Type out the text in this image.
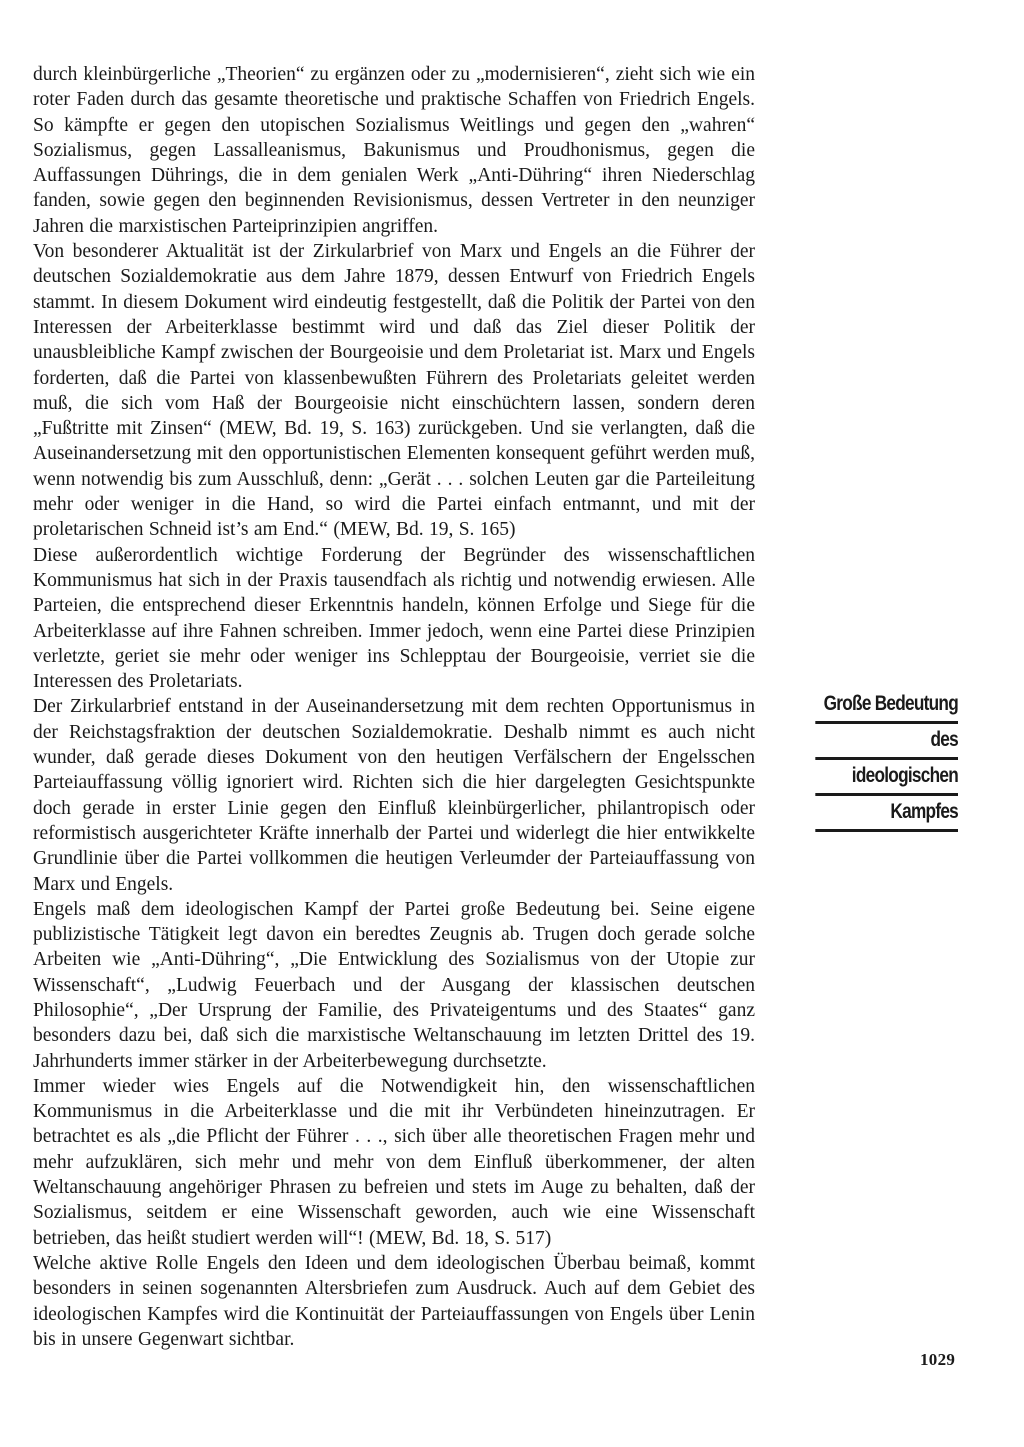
durch kleinbürgerliche „Theorien“ zu ergänzen oder zu „modernisieren“, zieht sich wie ein roter Faden durch das gesamte theoretische und praktische Schaffen von Friedrich Engels. So kämpfte er gegen den utopischen Sozialismus Weitlings und gegen den „wahren“ Sozialismus, gegen Lassalleanismus, Bakunismus und Proudhonismus, gegen die Auffassungen Dührings, die in dem genialen Werk „Anti-Dühring“ ihren Niederschlag fanden, sowie gegen den beginnenden Revisionismus, dessen Vertreter in den neunziger Jahren die marxistischen Parteiprinzipien angriffen.

Von besonderer Aktualität ist der Zirkularbrief von Marx und Engels an die Führer der deutschen Sozialdemokratie aus dem Jahre 1879, dessen Entwurf von Friedrich Engels stammt. In diesem Dokument wird eindeutig festgestellt, daß die Politik der Partei von den Interessen der Arbeiterklasse bestimmt wird und daß das Ziel dieser Politik der unausbleibliche Kampf zwischen der Bourgeoisie und dem Proletariat ist. Marx und Engels forderten, daß die Partei von klassenbewußten Führern des Proletariats geleitet werden muß, die sich vom Haß der Bourgeoisie nicht einschüchtern lassen, sondern deren „Fußtritte mit Zinsen“ (MEW, Bd. 19, S. 163) zurückgeben. Und sie verlangten, daß die Auseinandersetzung mit den opportunistischen Elementen konsequent geführt werden muß, wenn notwendig bis zum Ausschluß, denn: „Gerät . . . solchen Leuten gar die Parteileitung mehr oder weniger in die Hand, so wird die Partei einfach entmannt, und mit der proletarischen Schneid ist’s am End.“ (MEW, Bd. 19, S. 165)

Diese außerordentlich wichtige Forderung der Begründer des wissenschaftlichen Kommunismus hat sich in der Praxis tausendfach als richtig und notwendig erwiesen. Alle Parteien, die entsprechend dieser Erkenntnis handeln, können Erfolge und Siege für die Arbeiterklasse auf ihre Fahnen schreiben. Immer jedoch, wenn eine Partei diese Prinzipien verletzte, geriet sie mehr oder weniger ins Schlepptau der Bourgeoisie, verriet sie die Interessen des Proletariats.

Der Zirkularbrief entstand in der Auseinandersetzung mit dem rechten Opportunismus in der Reichstagsfraktion der deutschen Sozialdemokratie. Deshalb nimmt es auch nicht wunder, daß gerade dieses Dokument von den heutigen Verfälschern der Engelsschen Parteiauffassung völlig ignoriert wird. Richten sich die hier dargelegten Gesichtspunkte doch gerade in erster Linie gegen den Einfluß kleinbürgerlicher, philantropisch oder reformistisch ausgerichteter Kräfte innerhalb der Partei und widerlegt die hier entwikkelte Grundlinie über die Partei vollkommen die heutigen Verleumder der Parteiauffassung von Marx und Engels.

Engels maß dem ideologischen Kampf der Partei große Bedeutung bei. Seine eigene publizistische Tätigkeit legt davon ein beredtes Zeugnis ab. Trugen doch gerade solche Arbeiten wie „Anti-Dühring“, „Die Entwicklung des Sozialismus von der Utopie zur Wissenschaft“, „Ludwig Feuerbach und der Ausgang der klassischen deutschen Philosophie“, „Der Ursprung der Familie, des Privateigentums und des Staates“ ganz besonders dazu bei, daß sich die marxistische Weltanschauung im letzten Drittel des 19. Jahrhunderts immer stärker in der Arbeiterbewegung durchsetzte.

Immer wieder wies Engels auf die Notwendigkeit hin, den wissenschaftlichen Kommunismus in die Arbeiterklasse und die mit ihr Verbündeten hineinzutragen. Er betrachtet es als „die Pflicht der Führer . . ., sich über alle theoretischen Fragen mehr und mehr aufzuklären, sich mehr und mehr von dem Einfluß überkommener, der alten Weltanschauung angehöriger Phrasen zu befreien und stets im Auge zu behalten, daß der Sozialismus, seitdem er eine Wissenschaft geworden, auch wie eine Wissenschaft betrieben, das heißt studiert werden will“! (MEW, Bd. 18, S. 517)

Welche aktive Rolle Engels den Ideen und dem ideologischen Überbau beimaß, kommt besonders in seinen sogenannten Altersbriefen zum Ausdruck. Auch auf dem Gebiet des ideologischen Kampfes wird die Kontinuität der Parteiauffassungen von Engels über Lenin bis in unsere Gegenwart sichtbar.

Große Bedeutung
des
ideologischen
Kampfes
1029
